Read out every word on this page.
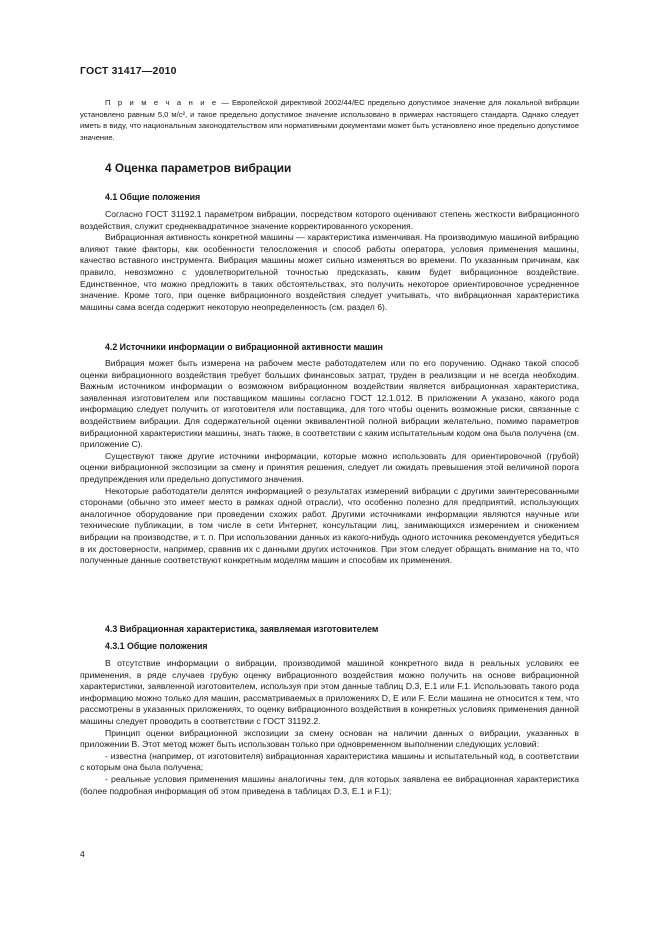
ГОСТ 31417—2010
П р и м е ч а н и е — Европейской директивой 2002/44/ЕС предельно допустимое значение для локальной вибрации установлено равным 5,0 м/с², и такое предельно допустимое значение использовано в примерах настоящего стандарта. Однако следует иметь в виду, что национальным законодательством или нормативными документами может быть установлено иное предельно допустимое значение.
4 Оценка параметров вибрации
4.1 Общие положения

Согласно ГОСТ 31192.1 параметром вибрации, посредством которого оценивают степень жесткости вибрационного воздействия, служит среднеквадратичное значение корректированного ускорения.

Вибрационная активность конкретной машины — характеристика изменчивая. На производимую машиной вибрацию влияют такие факторы, как особенности телосложения и способ работы оператора, условия применения машины, качество вставного инструмента. Вибрация машины может сильно изменяться во времени. По указанным причинам, как правило, невозможно с удовлетворительной точностью предсказать, каким будет вибрационное воздействие. Единственное, что можно предложить в таких обстоятельствах, это получить некоторое ориентировочное усредненное значение. Кроме того, при оценке вибрационного воздействия следует учитывать, что вибрационная характеристика машины сама всегда содержит некоторую неопределенность (см. раздел 6).

4.2 Источники информации о вибрационной активности машин

Вибрация может быть измерена на рабочем месте работодателем или по его поручению. Однако такой способ оценки вибрационного воздействия требует больших финансовых затрат, труден в реализации и не всегда необходим. Важным источником информации о возможном вибрационном воздействии является вибрационная характеристика, заявленная изготовителем или поставщиком машины согласно ГОСТ 12.1.012. В приложении А указано, какого рода информацию следует получить от изготовителя или поставщика, для того чтобы оценить возможные риски, связанные с воздействием вибрации. Для содержательной оценки эквивалентной полной вибрации желательно, помимо параметров вибрационной характеристики машины, знать также, в соответствии с каким испытательным кодом она была получена (см. приложение С).

Существуют также другие источники информации, которые можно использовать для ориентировочной (грубой) оценки вибрационной экспозиции за смену и принятия решения, следует ли ожидать превышения этой величиной порога предупреждения или предельно допустимого значения.

Некоторые работодатели делятся информацией о результатах измерений вибрации с другими заинтересованными сторонами (обычно это имеет место в рамках одной отрасли), что особенно полезно для предприятий, использующих аналогичное оборудование при проведении схожих работ. Другими источниками информации являются научные или технические публикации, в том числе в сети Интернет, консультации лиц, занимающихся измерением и снижением вибрации на производстве, и т. п. При использовании данных из какого-нибудь одного источника рекомендуется убедиться в их достоверности, например, сравнив их с данными других источников. При этом следует обращать внимание на то, что полученные данные соответствуют конкретным моделям машин и способам их применения.

4.3 Вибрационная характеристика, заявляемая изготовителем
4.3.1 Общие положения

В отсутствие информации о вибрации, производимой машиной конкретного вида в реальных условиях ее применения, в ряде случаев грубую оценку вибрационного воздействия можно получить на основе вибрационной характеристики, заявленной изготовителем, используя при этом данные таблиц D.3, Е.1 или F.1. Использовать такого рода информацию можно только для машин, рассматриваемых в приложениях D, Е или F. Если машина не относится к тем, что рассмотрены в указанных приложениях, то оценку вибрационного воздействия в конкретных условиях применения данной машины следует проводить в соответствии с ГОСТ 31192.2.

Принцип оценки вибрационной экспозиции за смену основан на наличии данных о вибрации, указанных в приложении В. Этот метод может быть использован только при одновременном выполнении следующих условий:

- известна (например, от изготовителя) вибрационная характеристика машины и испытательный код, в соответствии с которым она была получена;

- реальные условия применения машины аналогичны тем, для которых заявлена ее вибрационная характеристика (более подробная информация об этом приведена в таблицах D.3, Е.1 и F.1);

4
